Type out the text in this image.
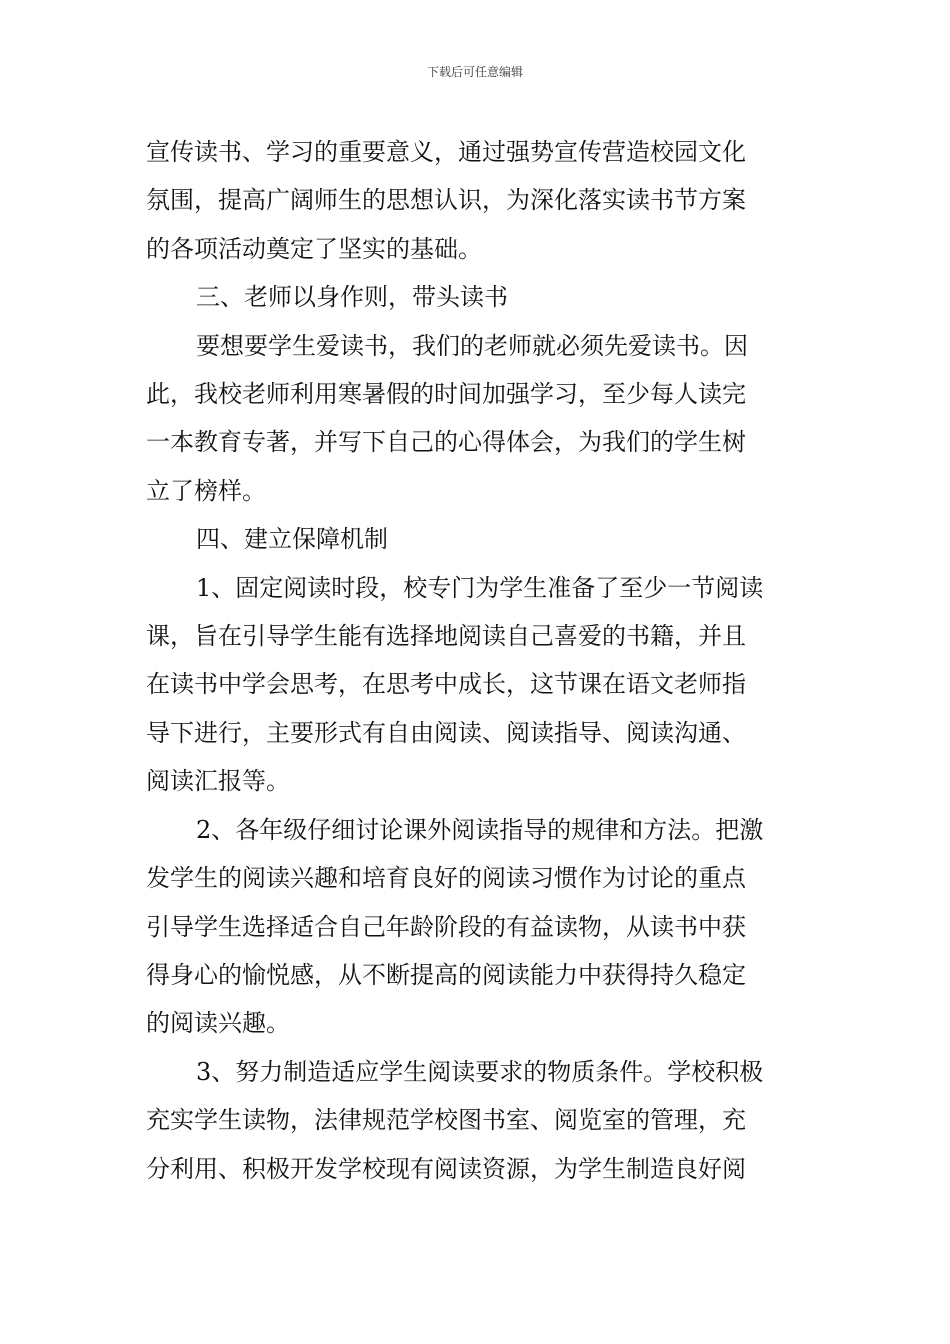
下载后可任意编辑
宣传读书、学习的重要意义，通过强势宣传营造校园文化
氛围，提高广阔师生的思想认识，为深化落实读书节方案
的各项活动奠定了坚实的基础。
三、老师以身作则，带头读书
要想要学生爱读书，我们的老师就必须先爱读书。因
此，我校老师利用寒暑假的时间加强学习，至少每人读完
一本教育专著，并写下自己的心得体会，为我们的学生树
立了榜样。
四、建立保障机制
1、固定阅读时段，校专门为学生准备了至少一节阅读
课，旨在引导学生能有选择地阅读自己喜爱的书籍，并且
在读书中学会思考，在思考中成长，这节课在语文老师指
导下进行，主要形式有自由阅读、阅读指导、阅读沟通、
阅读汇报等。
2、各年级仔细讨论课外阅读指导的规律和方法。把激
发学生的阅读兴趣和培育良好的阅读习惯作为讨论的重点
引导学生选择适合自己年龄阶段的有益读物，从读书中获
得身心的愉悦感，从不断提高的阅读能力中获得持久稳定
的阅读兴趣。
3、努力制造适应学生阅读要求的物质条件。学校积极
充实学生读物，法律规范学校图书室、阅览室的管理，充
分利用、积极开发学校现有阅读资源，为学生制造良好阅
